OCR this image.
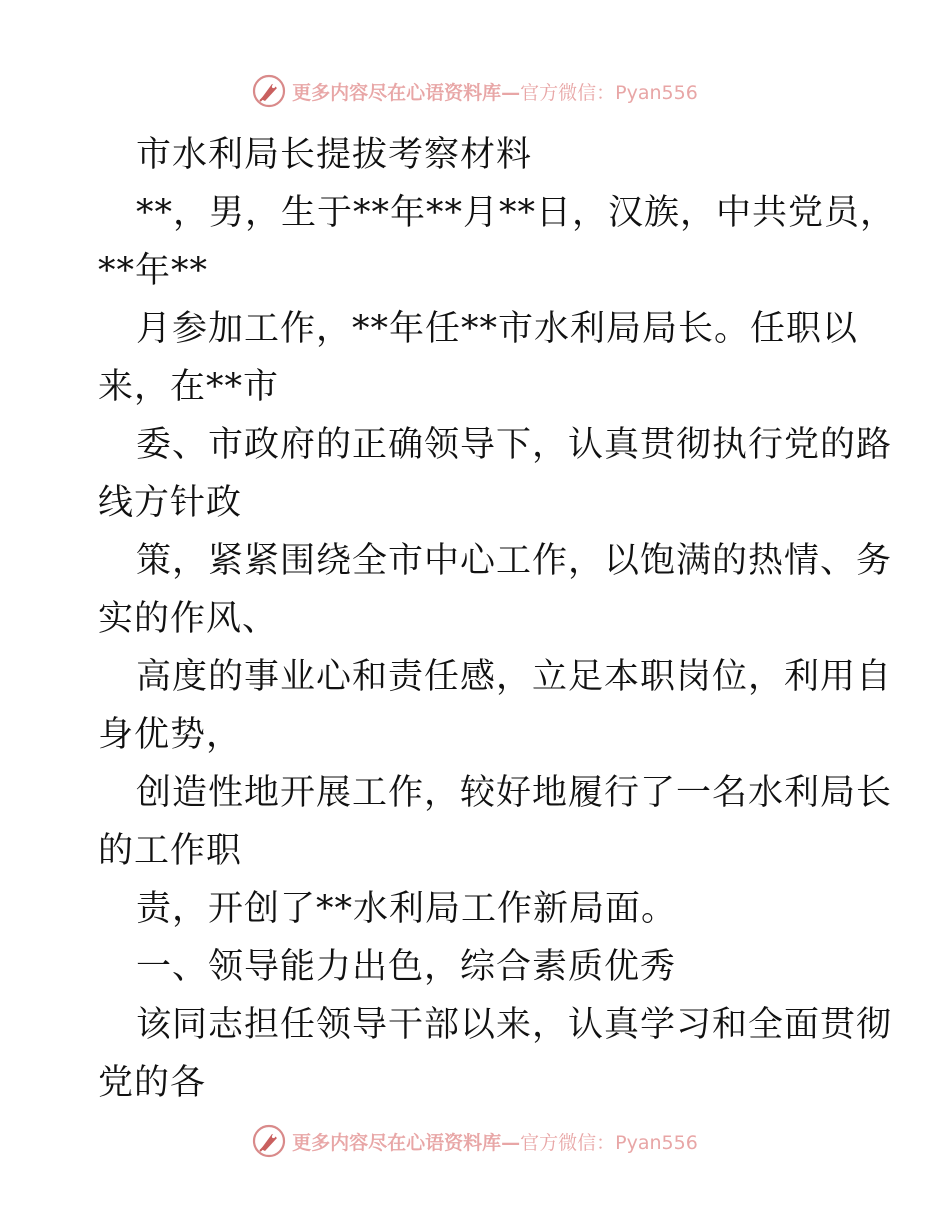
更多内容尽在心语资料库— 官方微信：Pyan556
市水利局长提拔考察材料
**，男，生于**年**月**日，汉族，中共党员，
**年**
月参加工作，**年任**市水利局局长。任职以
来，在**市
委、市政府的正确领导下，认真贯彻执行党的路
线方针政
策，紧紧围绕全市中心工作，以饱满的热情、务
实的作风、
高度的事业心和责任感，立足本职岗位，利用自
身优势，
创造性地开展工作，较好地履行了一名水利局长
的工作职
责，开创了**水利局工作新局面。
一、领导能力出色，综合素质优秀
该同志担任领导干部以来，认真学习和全面贯彻
党的各
更多内容尽在心语资料库— 官方微信：Pyan556
